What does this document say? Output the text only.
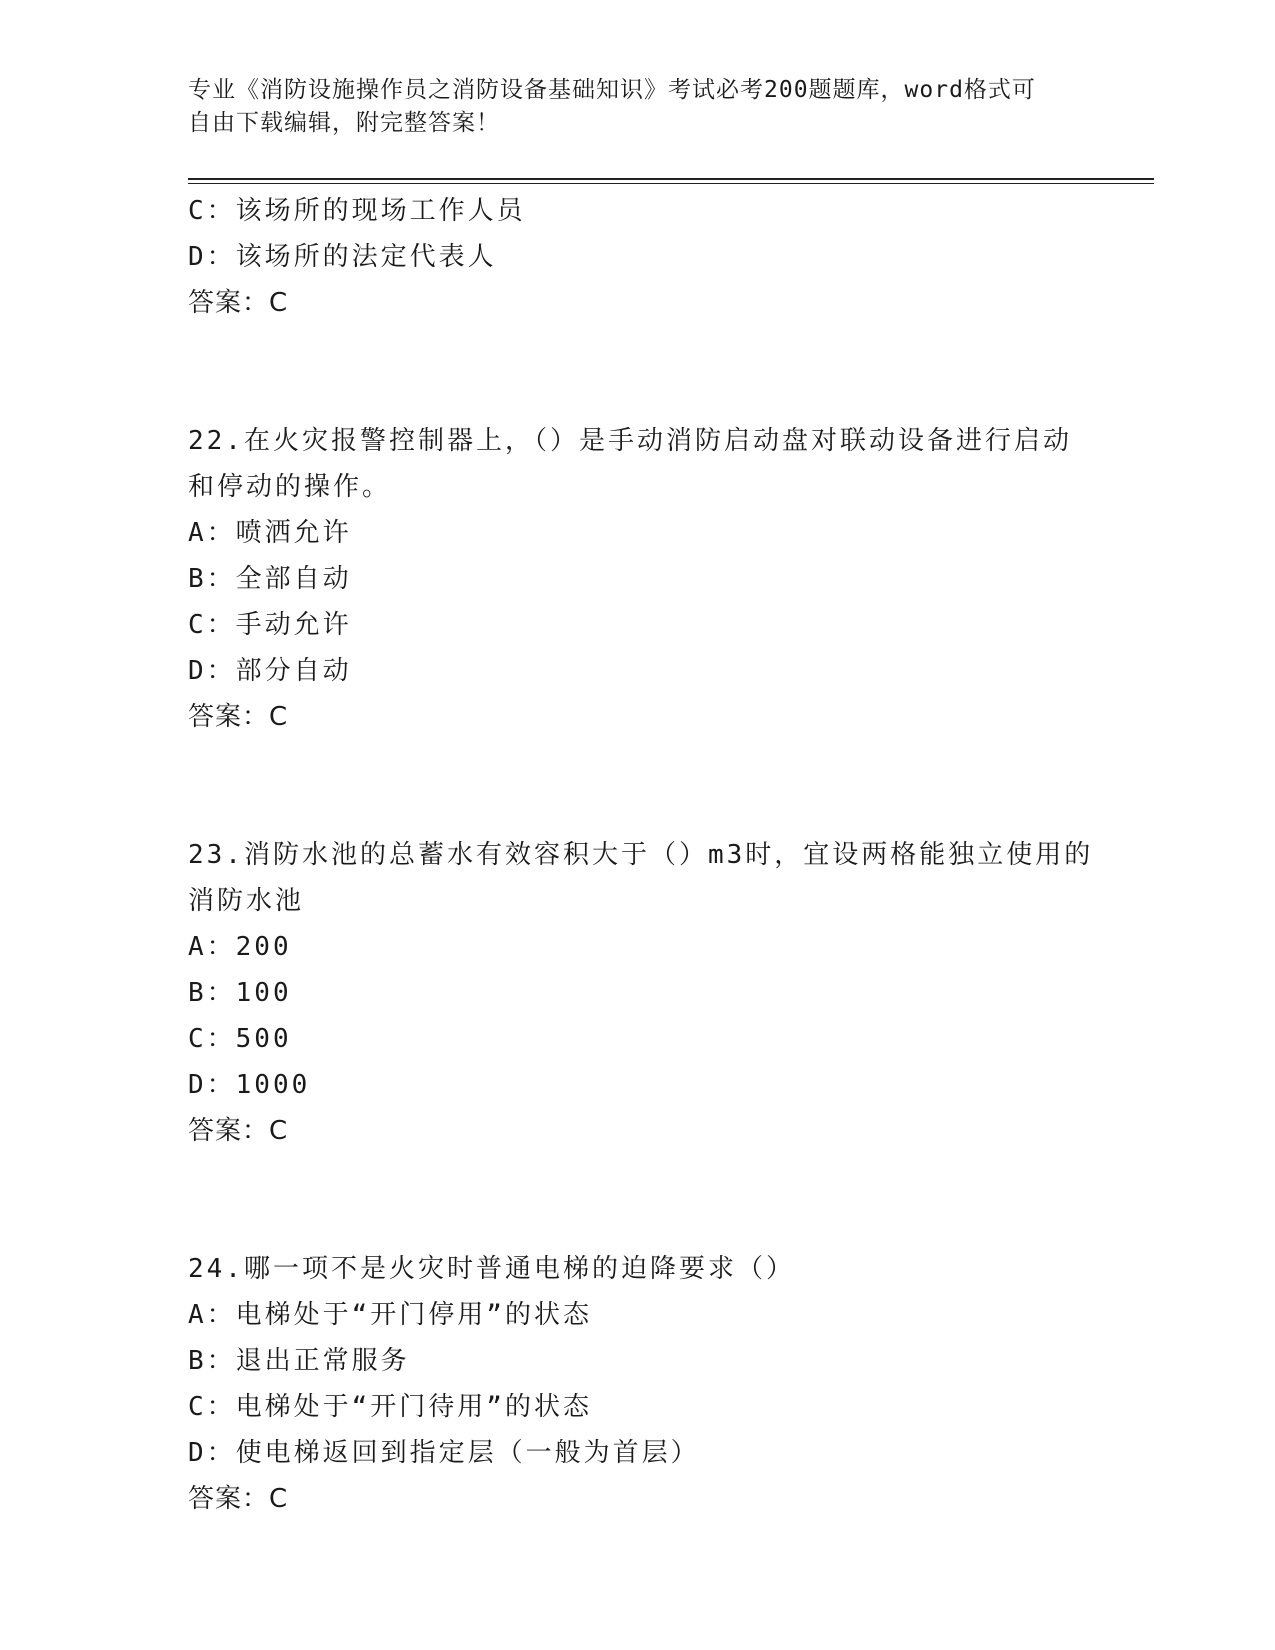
专业《消防设施操作员之消防设备基础知识》考试必考200题题库，word格式可
自由下载编辑，附完整答案！
C：该场所的现场工作人员
D：该场所的法定代表人
答案：C
22.在火灾报警控制器上，（）是手动消防启动盘对联动设备进行启动
和停动的操作。
A：喷洒允许
B：全部自动
C：手动允许
D：部分自动
答案：C
23.消防水池的总蓄水有效容积大于（）m3时，宜设两格能独立使用的
消防水池
A：200
B：100
C：500
D：1000
答案：C
24.哪一项不是火灾时普通电梯的迫降要求（）
A：电梯处于“开门停用”的状态
B：退出正常服务
C：电梯处于“开门待用”的状态
D：使电梯返回到指定层（一般为首层）
答案：C
